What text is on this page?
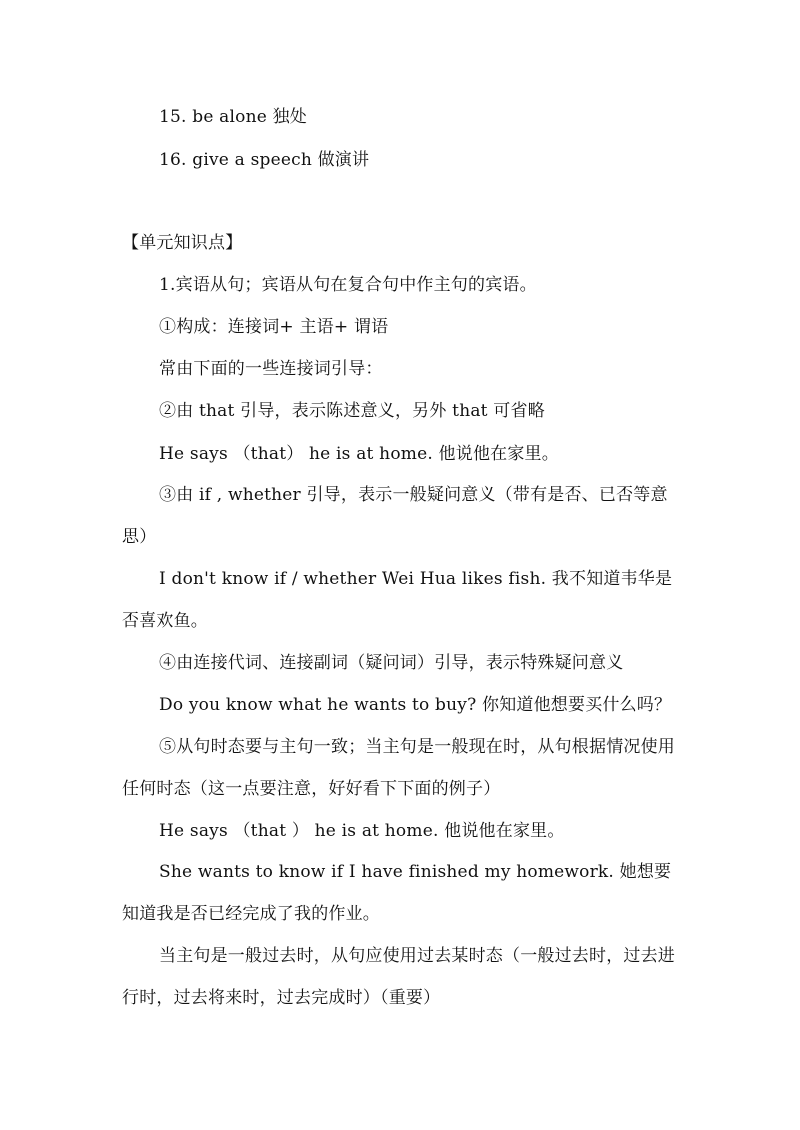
15. be alone 独处
16. give a speech 做演讲
【单元知识点】
1.宾语从句；宾语从句在复合句中作主句的宾语。
①构成：连接词+ 主语+ 谓语
常由下面的一些连接词引导：
②由 that 引导，表示陈述意义，另外 that 可省略
He says （that） he is at home. 他说他在家里。
③由 if , whether 引导，表示一般疑问意义（带有是否、已否等意思）
I don't know if / whether Wei Hua likes fish. 我不知道韦华是否喜欢鱼。
④由连接代词、连接副词（疑问词）引导，表示特殊疑问意义
Do you know what he wants to buy? 你知道他想要买什么吗？
⑤从句时态要与主句一致；当主句是一般现在时，从句根据情况使用任何时态（这一点要注意，好好看下下面的例子）
He says （that ） he is at home. 他说他在家里。
She wants to know if I have finished my homework. 她想要知道我是否已经完成了我的作业。
当主句是一般过去时，从句应使用过去某时态（一般过去时，过去进行时，过去将来时，过去完成时）（重要）
